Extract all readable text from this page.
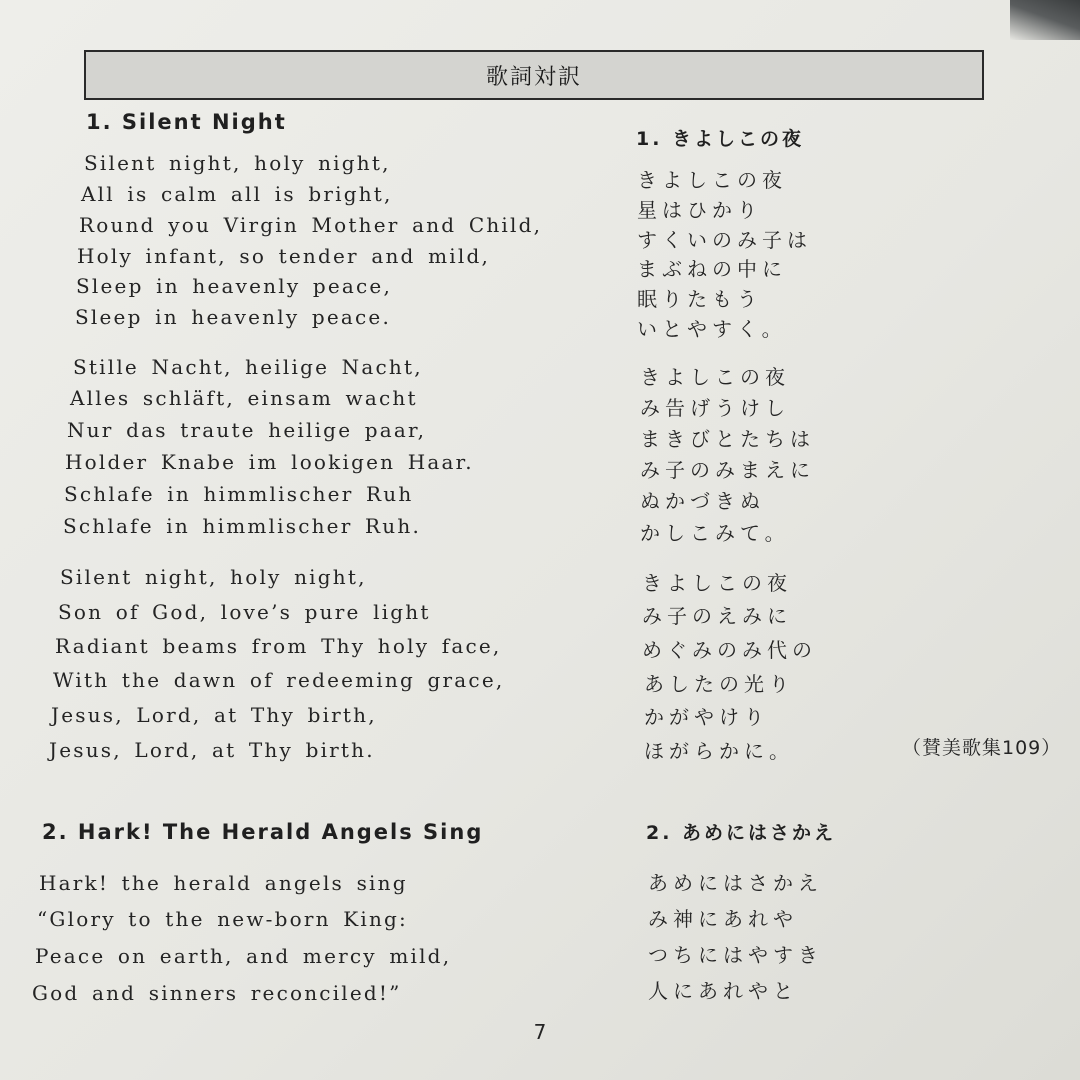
歌詞対訳
1. Silent Night
1. きよしこの夜
Silent night, holy night,
All is calm all is bright,
Round you Virgin Mother and Child,
Holy infant, so tender and mild,
Sleep in heavenly peace,
Sleep in heavenly peace.
Stille Nacht, heilige Nacht,
Alles schläft, einsam wacht
Nur das traute heilige paar,
Holder Knabe im lookigen Haar.
Schlafe in himmlischer Ruh
Schlafe in himmlischer Ruh.
Silent night, holy night,
Son of God, love’s pure light
Radiant beams from Thy holy face,
With the dawn of redeeming grace,
Jesus, Lord, at Thy birth,
Jesus, Lord, at Thy birth.
きよしこの夜
星はひかり
すくいのみ子は
まぶねの中に
眠りたもう
いとやすく。
きよしこの夜
み告げうけし
まきびとたちは
み子のみまえに
ぬかづきぬ
かしこみて。
きよしこの夜
み子のえみに
めぐみのみ代の
あしたの光り
かがやけり
ほがらかに。	（賛美歌集109）
2. Hark! The Herald Angels Sing	2. あめにはさかえ
Hark! the herald angels sing
“Glory to the new-born King:
Peace on earth, and mercy mild,
God and sinners reconciled!”
あめにはさかえ
み神にあれや
つちにはやすき
人にあれやと
7
